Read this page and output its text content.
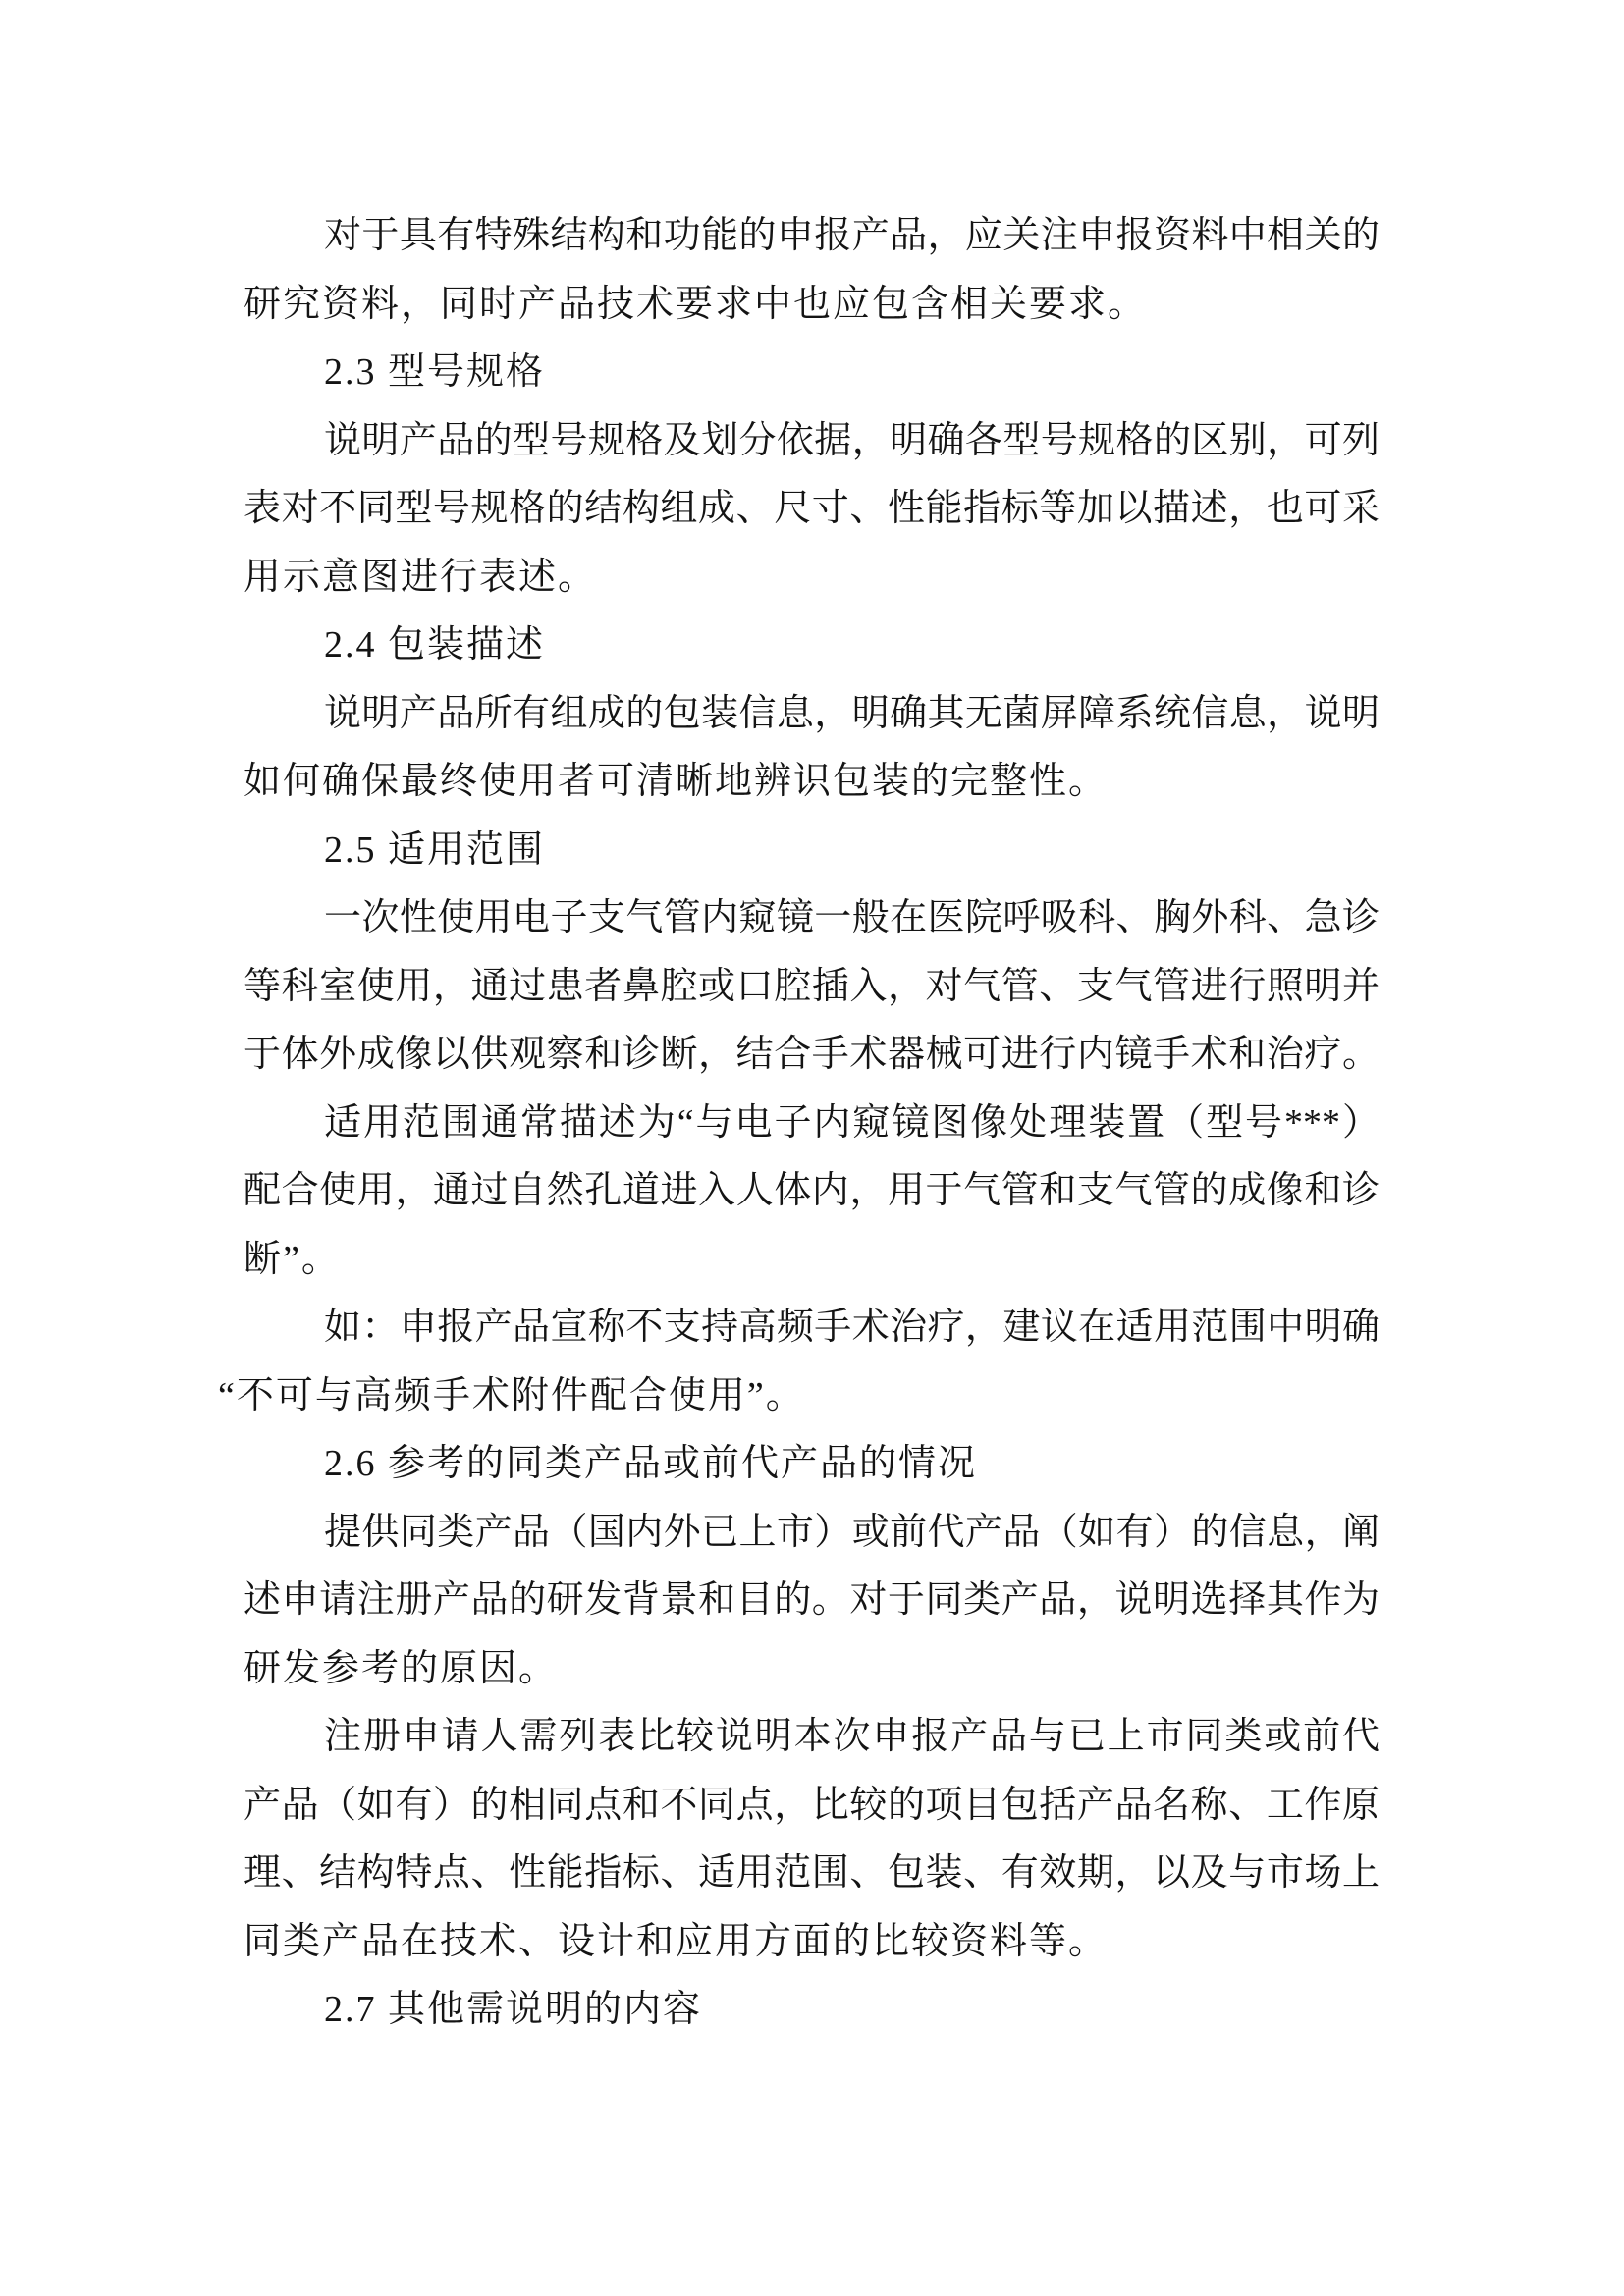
对于具有特殊结构和功能的申报产品，应关注申报资料中相关的
研究资料，同时产品技术要求中也应包含相关要求。
2.3 型号规格
说明产品的型号规格及划分依据，明确各型号规格的区别，可列
表对不同型号规格的结构组成、尺寸、性能指标等加以描述，也可采
用示意图进行表述。
2.4 包装描述
说明产品所有组成的包装信息，明确其无菌屏障系统信息，说明
如何确保最终使用者可清晰地辨识包装的完整性。
2.5 适用范围
一次性使用电子支气管内窥镜一般在医院呼吸科、胸外科、急诊
等科室使用，通过患者鼻腔或口腔插入，对气管、支气管进行照明并
于体外成像以供观察和诊断，结合手术器械可进行内镜手术和治疗。
适用范围通常描述为“与电子内窥镜图像处理装置（型号***）
配合使用，通过自然孔道进入人体内，用于气管和支气管的成像和诊
断”。
如：申报产品宣称不支持高频手术治疗，建议在适用范围中明确
“不可与高频手术附件配合使用”。
2.6 参考的同类产品或前代产品的情况
提供同类产品（国内外已上市）或前代产品（如有）的信息，阐
述申请注册产品的研发背景和目的。对于同类产品，说明选择其作为
研发参考的原因。
注册申请人需列表比较说明本次申报产品与已上市同类或前代
产品（如有）的相同点和不同点，比较的项目包括产品名称、工作原
理、结构特点、性能指标、适用范围、包装、有效期，以及与市场上
同类产品在技术、设计和应用方面的比较资料等。
2.7 其他需说明的内容
